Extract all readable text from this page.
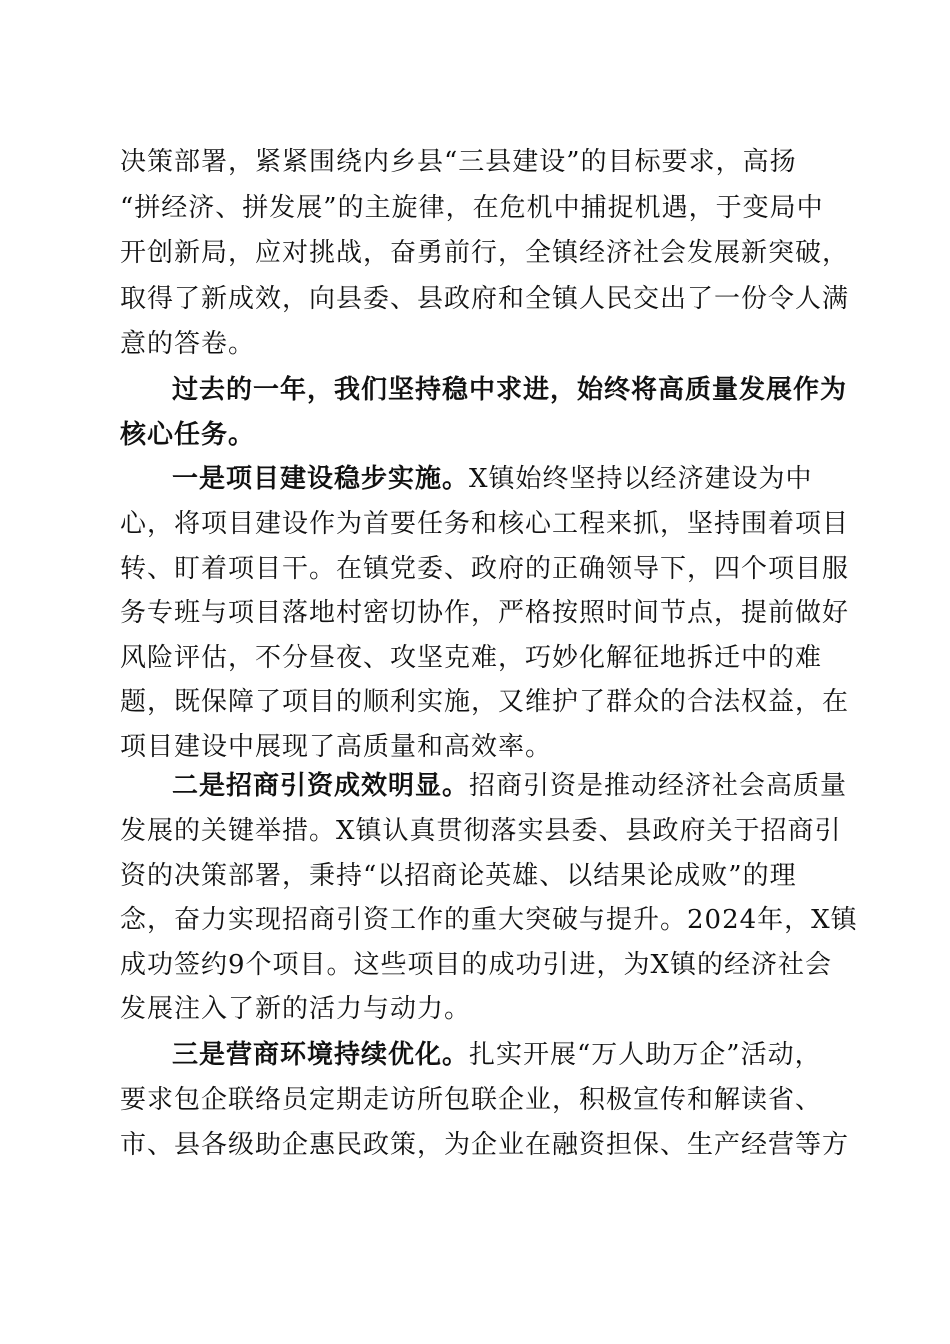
决策部署，紧紧围绕内乡县“三县建设”的目标要求，高扬
“拼经济、拼发展”的主旋律，在危机中捕捉机遇，于变局中
开创新局，应对挑战，奋勇前行，全镇经济社会发展新突破，
取得了新成效，向县委、县政府和全镇人民交出了一份令人满
意的答卷。
过去的一年，我们坚持稳中求进，始终将高质量发展作为
核心任务。
一是项目建设稳步实施。X镇始终坚持以经济建设为中
心，将项目建设作为首要任务和核心工程来抓，坚持围着项目
转、盯着项目干。在镇党委、政府的正确领导下，四个项目服
务专班与项目落地村密切协作，严格按照时间节点，提前做好
风险评估，不分昼夜、攻坚克难，巧妙化解征地拆迁中的难
题，既保障了项目的顺利实施，又维护了群众的合法权益，在
项目建设中展现了高质量和高效率。
二是招商引资成效明显。招商引资是推动经济社会高质量
发展的关键举措。X镇认真贯彻落实县委、县政府关于招商引
资的决策部署，秉持“以招商论英雄、以结果论成败”的理
念，奋力实现招商引资工作的重大突破与提升。2024年，X镇
成功签约9个项目。这些项目的成功引进，为X镇的经济社会
发展注入了新的活力与动力。
三是营商环境持续优化。扎实开展“万人助万企”活动，
要求包企联络员定期走访所包联企业，积极宣传和解读省、
市、县各级助企惠民政策，为企业在融资担保、生产经营等方
